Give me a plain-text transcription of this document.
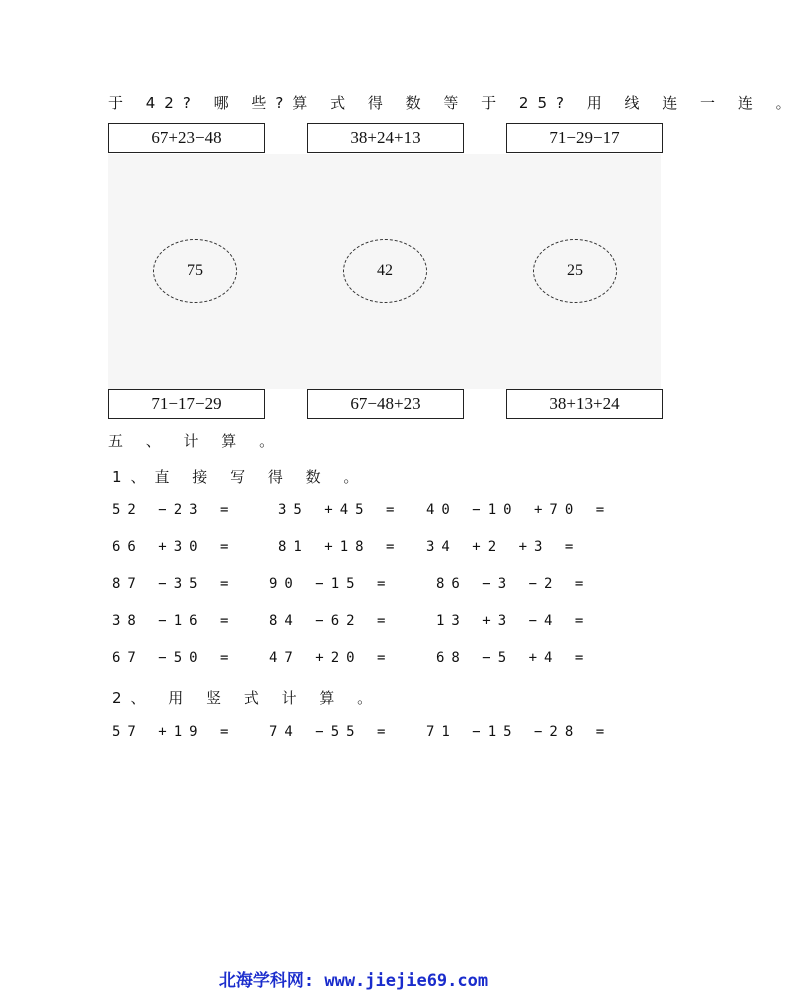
于 42? 哪 些?算 式 得 数 等 于 25? 用 线 连 一 连 。
67+23−48	38+24+13	71−29−17
75	42	25
71−17−29	67−48+23	38+13+24
五 、 计 算 。
1、直 接 写 得 数 。
52 −23 =	35 +45 = 40 −10 +70 =
66 +30 =	81 +18 = 34 +2 +3 =
87 −35 = 90 −15 =	86 −3 −2 =
38 −16 = 84 −62 =	13 +3 −4 =
67 −50 = 47 +20 =	68 −5 +4 =
2、 用 竖 式 计 算 。
57 +19 = 74 −55 = 71 −15 −28 =
北海学科网: www.jiejie69.com
